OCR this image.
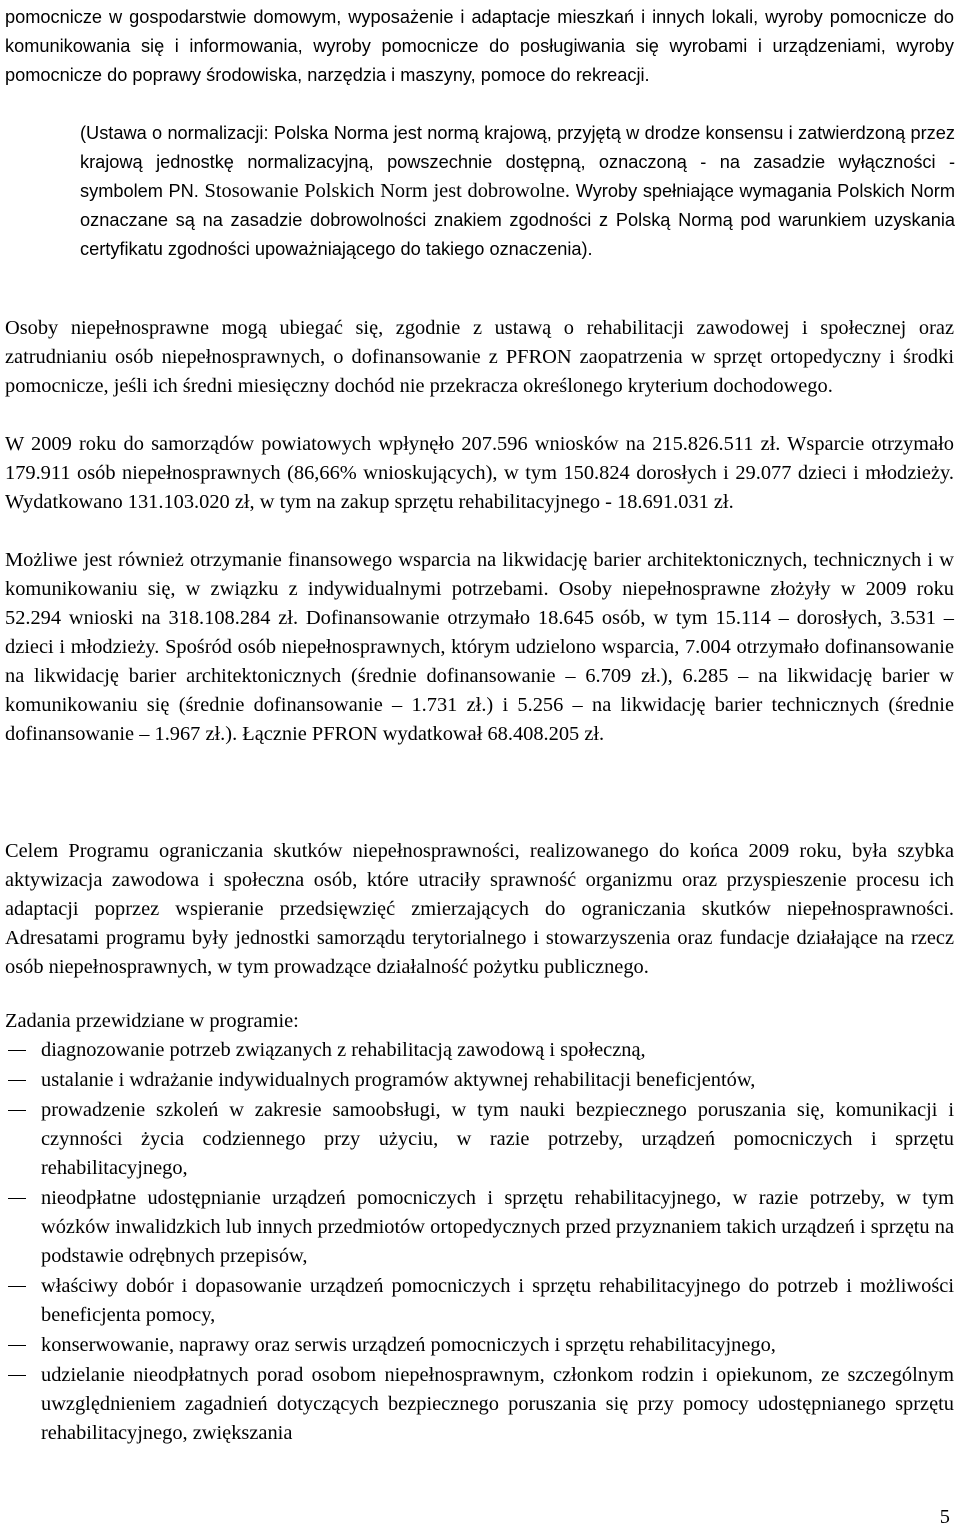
pomocnicze w gospodarstwie domowym, wyposażenie i adaptacje mieszkań i innych lokali, wyroby pomocnicze do komunikowania się i informowania, wyroby pomocnicze do posługiwania się wyrobami i urządzeniami, wyroby pomocnicze do poprawy środowiska, narzędzia i maszyny, pomoce do rekreacji.

(Ustawa o normalizacji: Polska Norma jest normą krajową, przyjętą w drodze konsensu i zatwierdzoną przez krajową jednostkę normalizacyjną, powszechnie dostępną, oznaczoną - na zasadzie wyłączności - symbolem PN. Stosowanie Polskich Norm jest dobrowolne. Wyroby spełniające wymagania Polskich Norm oznaczane są na zasadzie dobrowolności znakiem zgodności z Polską Normą pod warunkiem uzyskania certyfikatu zgodności upoważniającego do takiego oznaczenia).

Osoby niepełnosprawne mogą ubiegać się, zgodnie z ustawą o rehabilitacji zawodowej i społecznej oraz zatrudnianiu osób niepełnosprawnych, o dofinansowanie z PFRON zaopatrzenia w sprzęt ortopedyczny i środki pomocnicze, jeśli ich średni miesięczny dochód nie przekracza określonego kryterium dochodowego.

W 2009 roku do samorządów powiatowych wpłynęło 207.596 wniosków na 215.826.511 zł. Wsparcie otrzymało 179.911 osób niepełnosprawnych (86,66% wnioskujących), w tym 150.824 dorosłych i 29.077 dzieci i młodzieży. Wydatkowano 131.103.020 zł, w tym na zakup sprzętu rehabilitacyjnego - 18.691.031 zł.

Możliwe jest również otrzymanie finansowego wsparcia na likwidację barier architektonicznych, technicznych i w komunikowaniu się, w związku z indywidualnymi potrzebami. Osoby niepełnosprawne złożyły w 2009 roku 52.294 wnioski na 318.108.284 zł. Dofinansowanie otrzymało 18.645 osób, w tym 15.114 – dorosłych, 3.531 – dzieci i młodzieży. Spośród osób niepełnosprawnych, którym udzielono wsparcia, 7.004 otrzymało dofinansowanie na likwidację barier architektonicznych (średnie dofinansowanie – 6.709 zł.), 6.285 – na likwidację barier w komunikowaniu się (średnie dofinansowanie – 1.731 zł.) i 5.256 – na likwidację barier technicznych (średnie dofinansowanie – 1.967 zł.). Łącznie PFRON wydatkował 68.408.205 zł.

Celem Programu ograniczania skutków niepełnosprawności, realizowanego do końca 2009 roku, była szybka aktywizacja zawodowa i społeczna osób, które utraciły sprawność organizmu oraz przyspieszenie procesu ich adaptacji poprzez wspieranie przedsięwzięć zmierzających do ograniczania skutków niepełnosprawności. Adresatami programu były jednostki samorządu terytorialnego i stowarzyszenia oraz fundacje działające na rzecz osób niepełnosprawnych, w tym prowadzące działalność pożytku publicznego.

Zadania przewidziane w programie:

diagnozowanie potrzeb związanych z rehabilitacją zawodową i społeczną,
ustalanie i wdrażanie indywidualnych programów aktywnej rehabilitacji beneficjentów,
prowadzenie szkoleń w zakresie samoobsługi, w tym nauki bezpiecznego poruszania się, komunikacji i czynności życia codziennego przy użyciu, w razie potrzeby, urządzeń pomocniczych i sprzętu rehabilitacyjnego,
nieodpłatne udostępnianie urządzeń pomocniczych i sprzętu rehabilitacyjnego, w razie potrzeby, w tym wózków inwalidzkich lub innych przedmiotów ortopedycznych przed przyznaniem takich urządzeń i sprzętu na podstawie odrębnych przepisów,
właściwy dobór i dopasowanie urządzeń pomocniczych i sprzętu rehabilitacyjnego do potrzeb i możliwości beneficjenta pomocy,
konserwowanie, naprawy oraz serwis urządzeń pomocniczych i sprzętu rehabilitacyjnego,
udzielanie nieodpłatnych porad osobom niepełnosprawnym, członkom rodzin i opiekunom, ze szczególnym uwzględnieniem zagadnień dotyczących bezpiecznego poruszania się przy pomocy udostępnianego sprzętu rehabilitacyjnego, zwiększania
5
